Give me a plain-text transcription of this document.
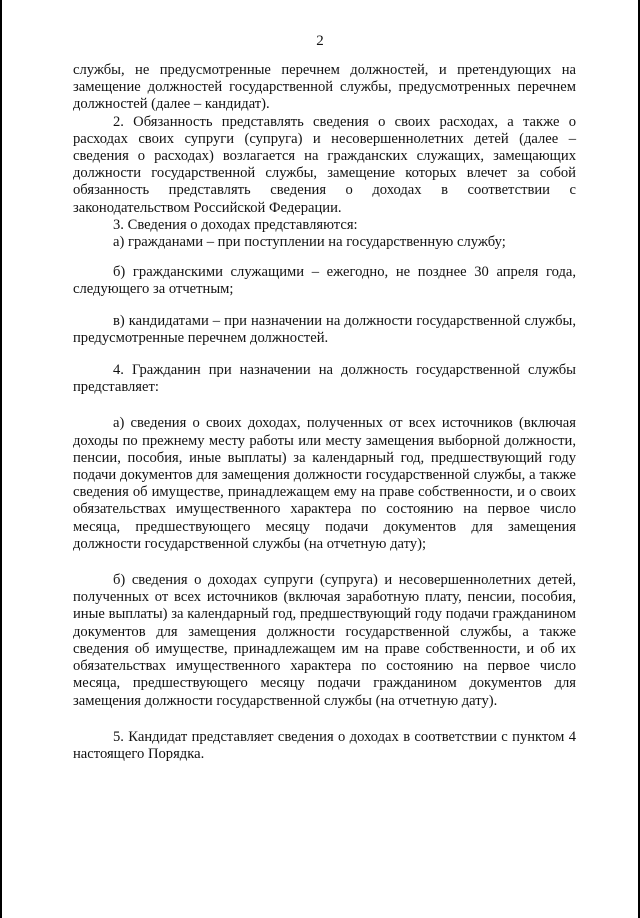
2

службы, не предусмотренные перечнем должностей, и претендующих на замещение должностей государственной службы, предусмотренных перечнем должностей (далее – кандидат).

2. Обязанность представлять сведения о своих расходах, а также о расходах своих супруги (супруга) и несовершеннолетних детей (далее – сведения о расходах) возлагается на гражданских служащих, замещающих должности государственной службы, замещение которых влечет за собой обязанность представлять сведения о доходах в соответствии с законодательством Российской Федерации.

3. Сведения о доходах представляются:

а) гражданами – при поступлении на государственную службу;

б) гражданскими служащими – ежегодно, не позднее 30 апреля года, следующего за отчетным;

в) кандидатами – при назначении на должности государственной службы, предусмотренные перечнем должностей.

4. Гражданин при назначении на должность государственной службы представляет:

а) сведения о своих доходах, полученных от всех источников (включая доходы по прежнему месту работы или месту замещения выборной должности, пенсии, пособия, иные выплаты) за календарный год, предшествующий году подачи документов для замещения должности государственной службы, а также сведения об имуществе, принадлежащем ему на праве собственности, и о своих обязательствах имущественного характера по состоянию на первое число месяца, предшествующего месяцу подачи документов для замещения должности государственной службы (на отчетную дату);

б) сведения о доходах супруги (супруга) и несовершеннолетних детей, полученных от всех источников (включая заработную плату, пенсии, пособия, иные выплаты) за календарный год, предшествующий году подачи гражданином документов для замещения должности государственной службы, а также сведения об имуществе, принадлежащем им на праве собственности, и об их обязательствах имущественного характера по состоянию на первое число месяца, предшествующего месяцу подачи гражданином документов для замещения должности государственной службы (на отчетную дату).

5. Кандидат представляет сведения о доходах в соответствии с пунктом 4 настоящего Порядка.
